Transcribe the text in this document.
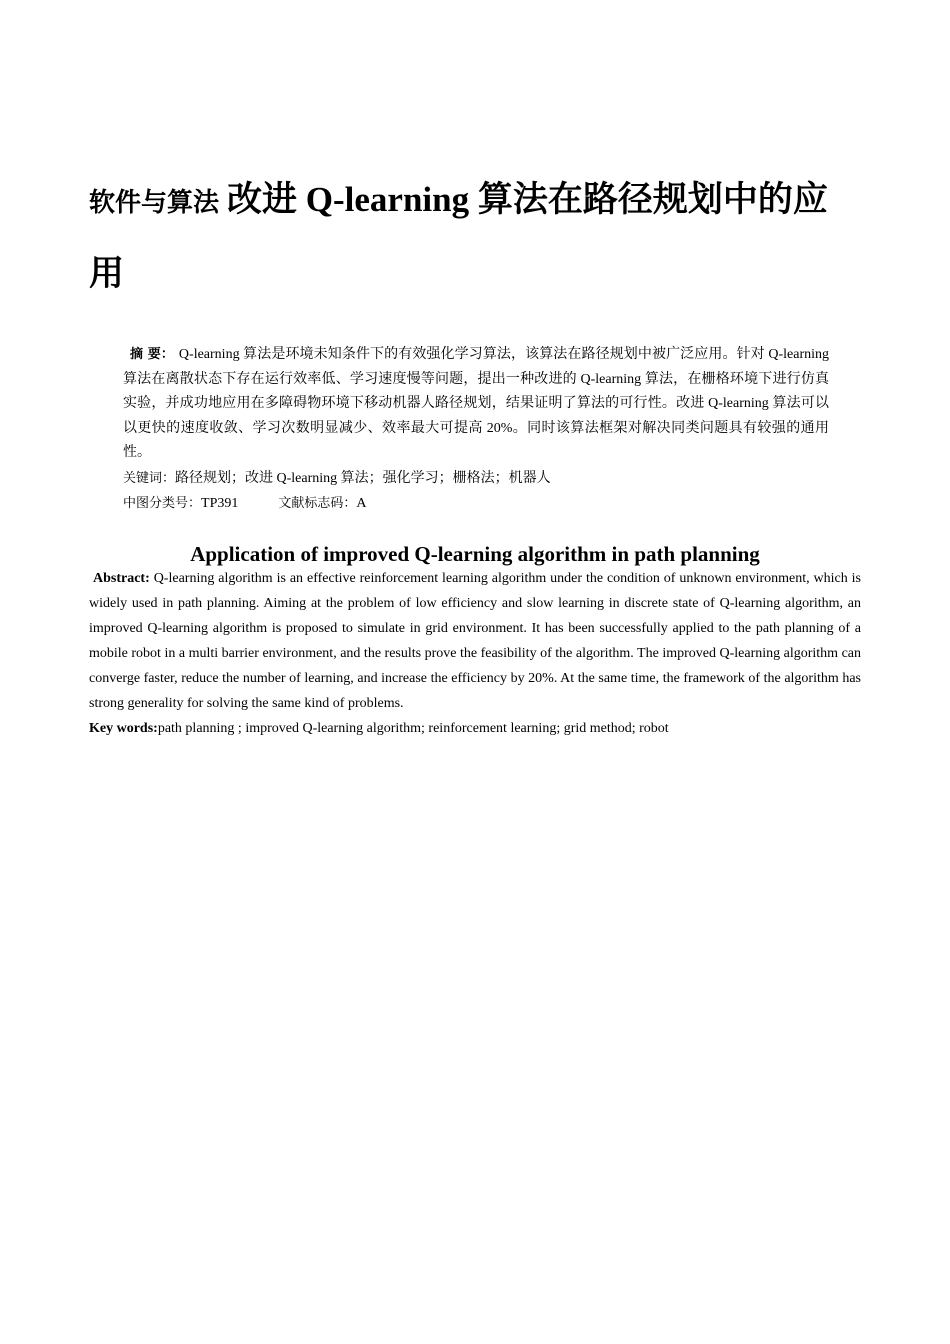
软件与算法 改进 Q-learning 算法在路径规划中的应
用
摘 要： Q-learning 算法是环境未知条件下的有效强化学习算法，该算法在路径规划中被广泛应用。针对 Q-learning 算法在离散状态下存在运行效率低、学习速度慢等问题，提出一种改进的 Q-learning 算法，在栅格环境下进行仿真实验，并成功地应用在多障碍物环境下移动机器人路径规划，结果证明了算法的可行性。改进 Q-learning 算法可以以更快的速度收敛、学习次数明显减少、效率最大可提高 20%。同时该算法框架对解决同类问题具有较强的通用性。
关键词：路径规划；改进 Q-learning 算法；强化学习；栅格法；机器人
中图分类号：TP391	文献标志码：A
Application of improved Q-learning algorithm in path planning
Abstract: Q-learning algorithm is an effective reinforcement learning algorithm under the condition of unknown environment, which is widely used in path planning. Aiming at the problem of low efficiency and slow learning in discrete state of Q-learning algorithm, an improved Q-learning algorithm is proposed to simulate in grid environment. It has been successfully applied to the path planning of a mobile robot in a multi barrier environment, and the results prove the feasibility of the algorithm. The improved Q-learning algorithm can converge faster, reduce the number of learning, and increase the efficiency by 20%. At the same time, the framework of the algorithm has strong generality for solving the same kind of problems.
Key words:path planning ; improved Q-learning algorithm; reinforcement learning; grid method; robot
